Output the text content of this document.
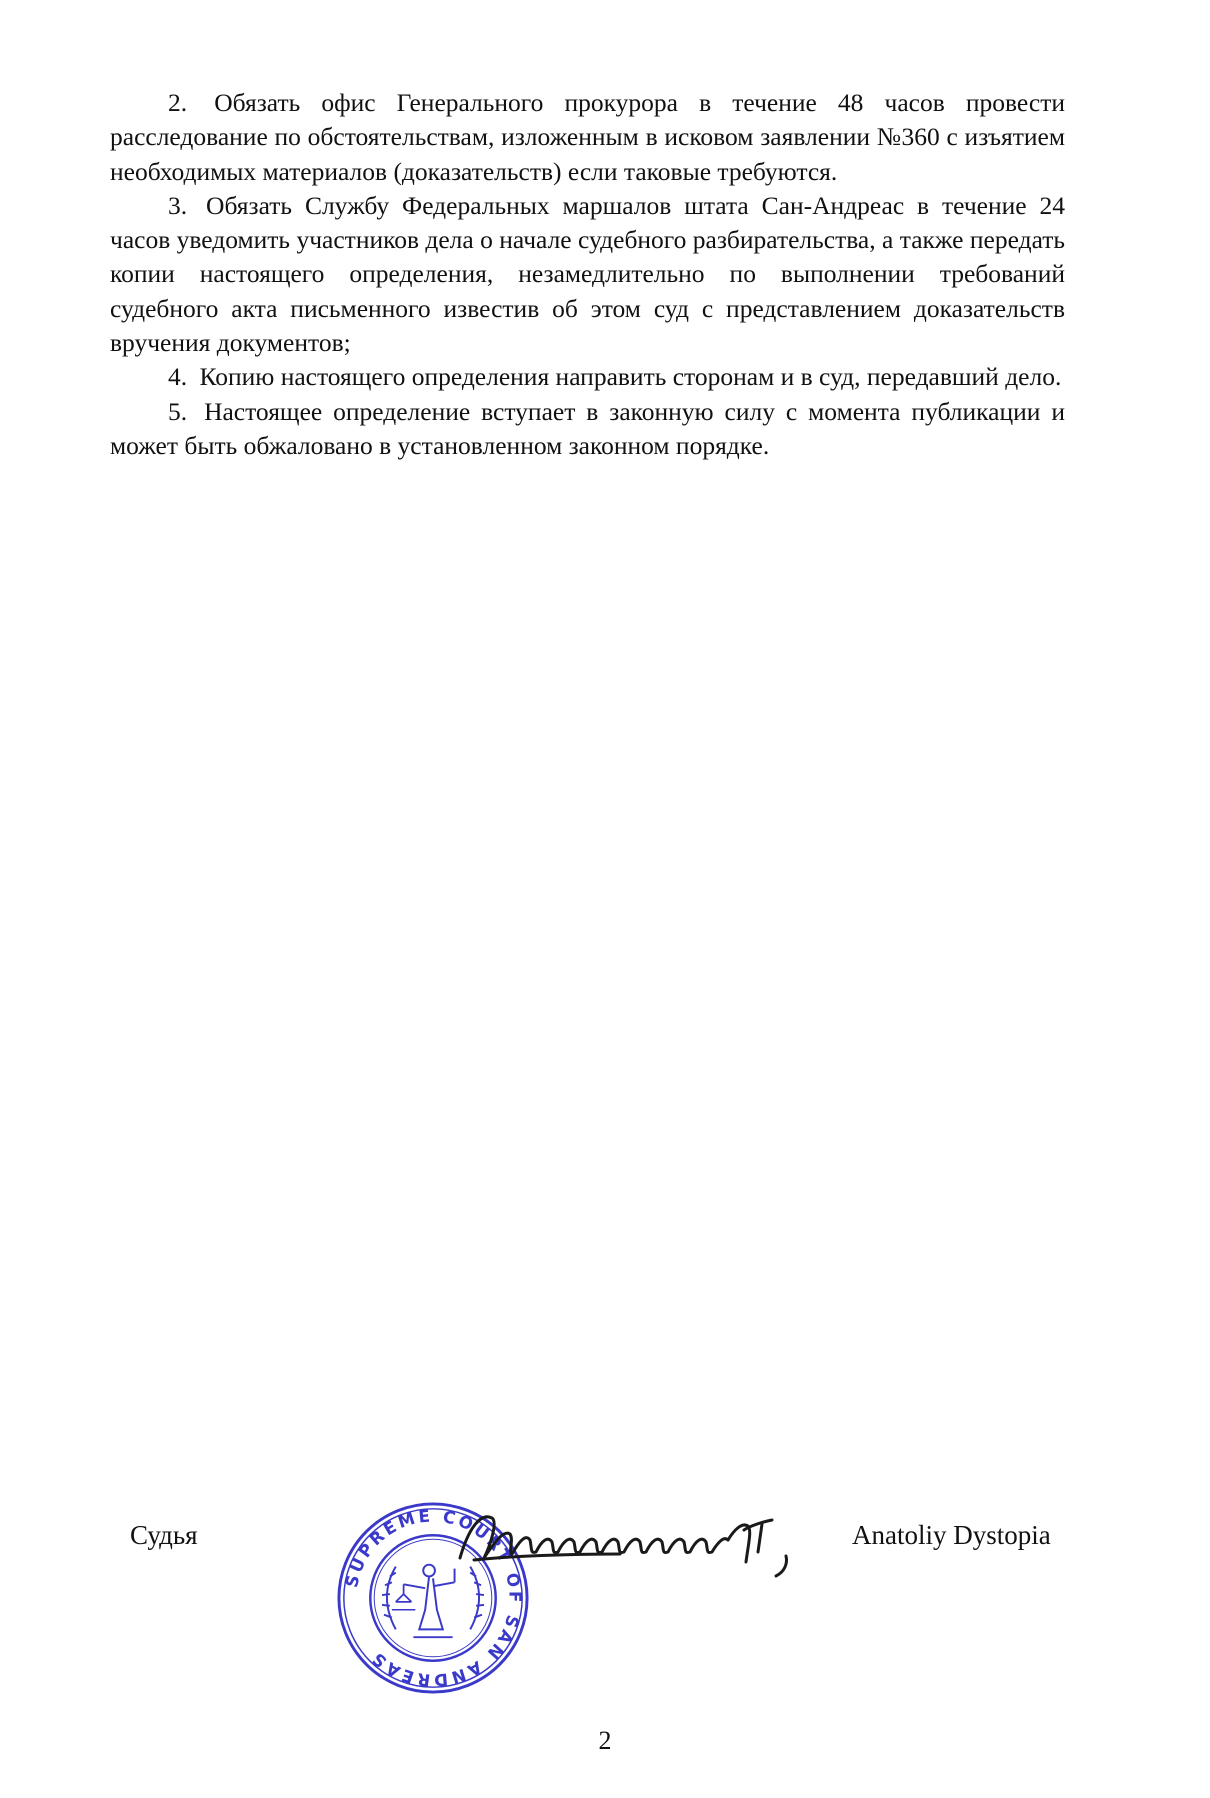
2. Обязать офис Генерального прокурора в течение 48 часов провести расследование по обстоятельствам, изложенным в исковом заявлении №360 с изъятием необходимых материалов (доказательств) если таковые требуются.

3. Обязать Службу Федеральных маршалов штата Сан-Андреас в течение 24 часов уведомить участников дела о начале судебного разбирательства, а также передать копии настоящего определения, незамедлительно по выполнении требований судебного акта письменного известив об этом суд с представлением доказательств вручения документов;

4. Копию настоящего определения направить сторонам и в суд, передавший дело.

5. Настоящее определение вступает в законную силу с момента публикации и может быть обжаловано в установленном законном порядке.

Судья
SUPREME COURT OF SAN ANDREAS
Anatoliy Dystopia
2
